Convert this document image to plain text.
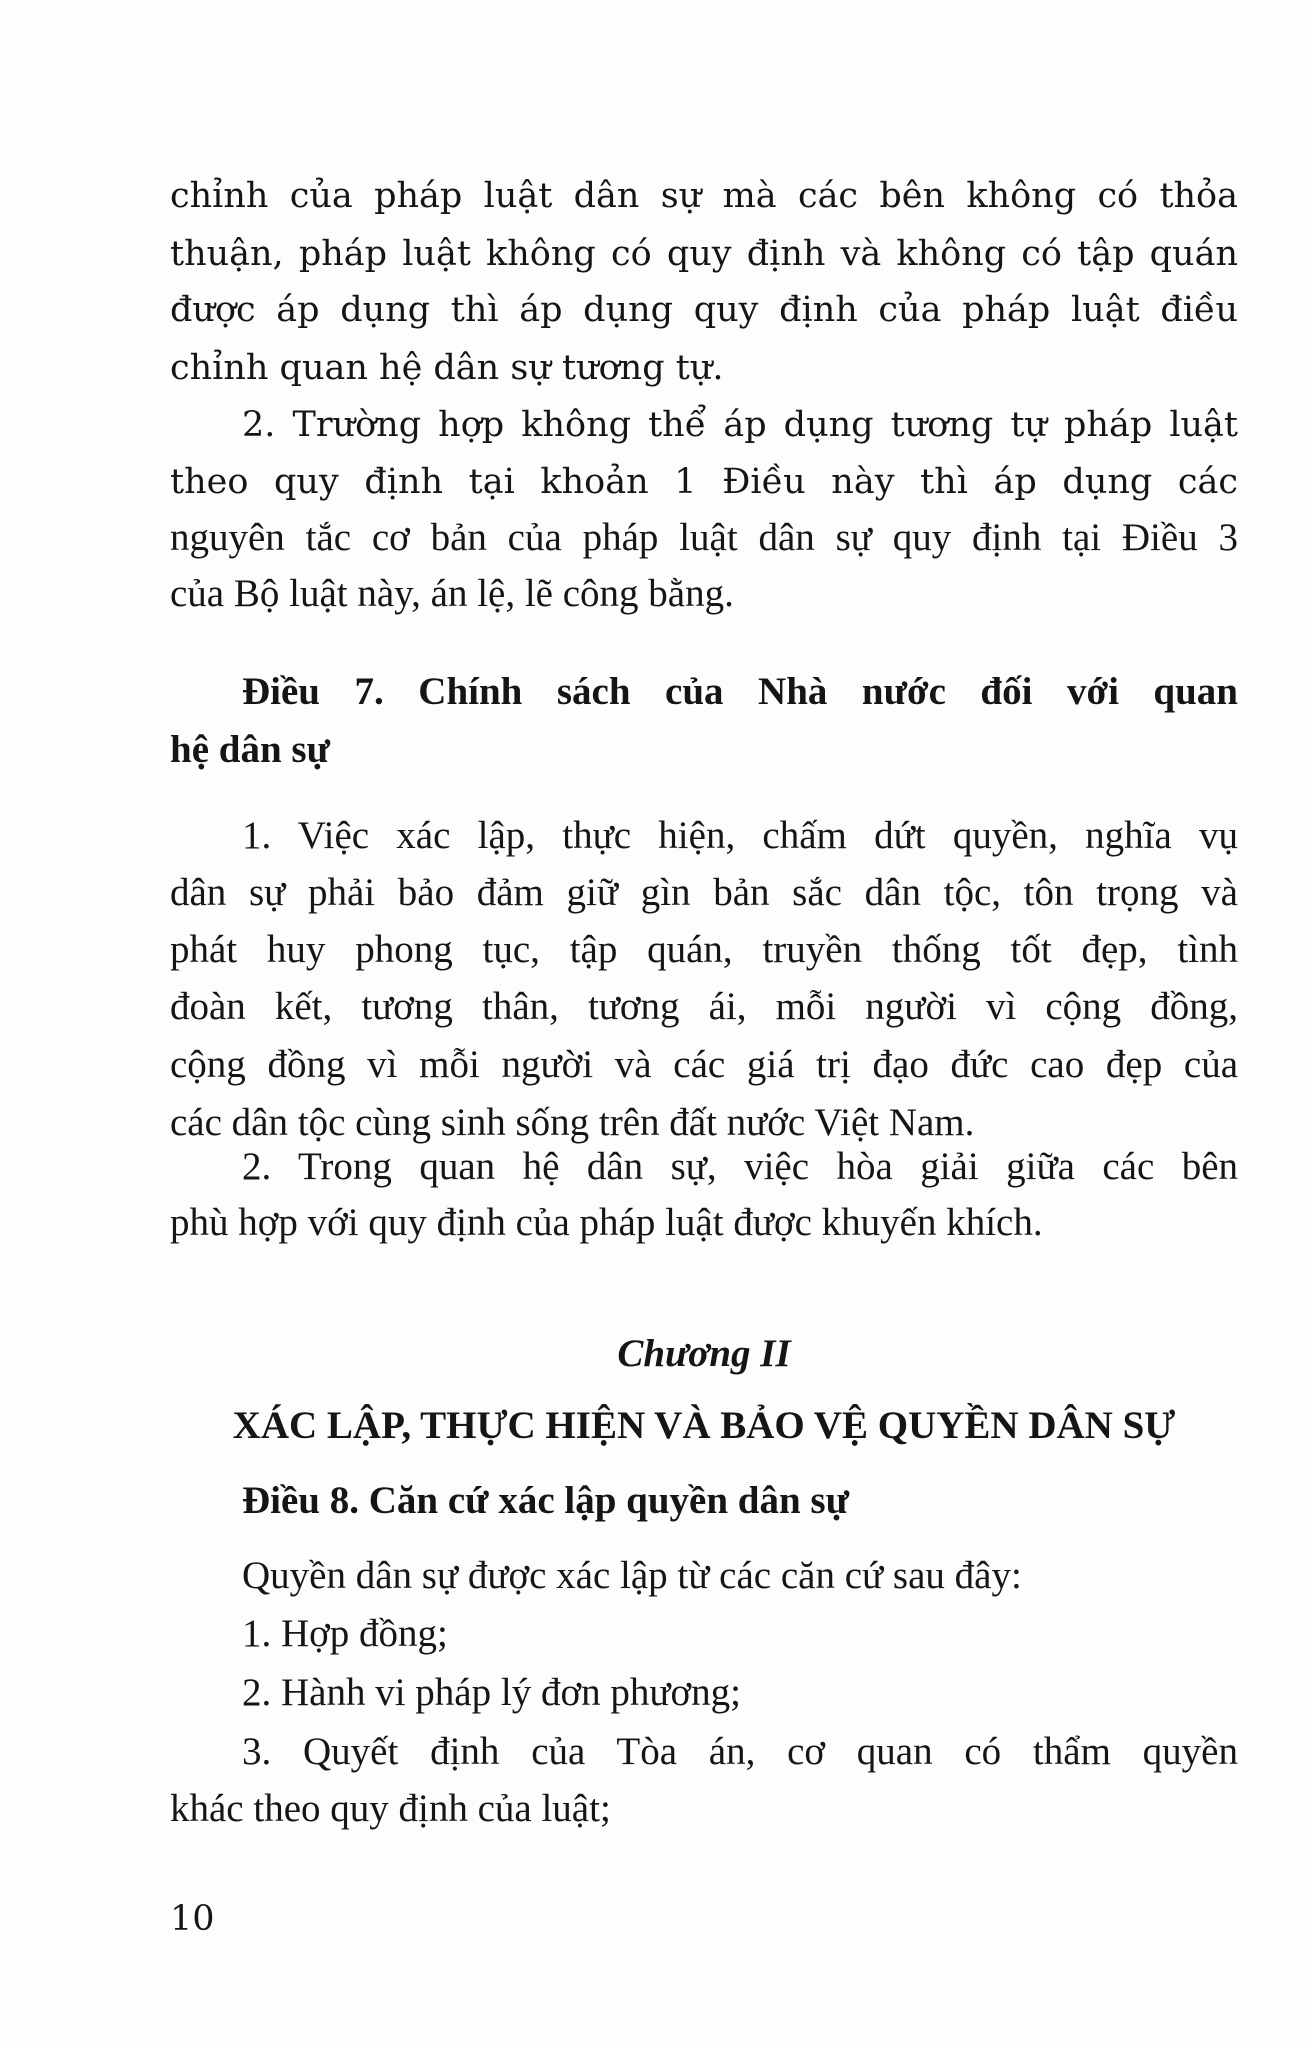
chỉnh của pháp luật dân sự mà các bên không có thỏa
thuận, pháp luật không có quy định và không có tập quán
được áp dụng thì áp dụng quy định của pháp luật điều
chỉnh quan hệ dân sự tương tự.
2. Trường hợp không thể áp dụng tương tự pháp luật
theo quy định tại khoản 1 Điều này thì áp dụng các
nguyên tắc cơ bản của pháp luật dân sự quy định tại Điều 3
của Bộ luật này, án lệ, lẽ công bằng.
Điều 7. Chính sách của Nhà nước đối với quan
hệ dân sự
1. Việc xác lập, thực hiện, chấm dứt quyền, nghĩa vụ
dân sự phải bảo đảm giữ gìn bản sắc dân tộc, tôn trọng và
phát huy phong tục, tập quán, truyền thống tốt đẹp, tình
đoàn kết, tương thân, tương ái, mỗi người vì cộng đồng,
cộng đồng vì mỗi người và các giá trị đạo đức cao đẹp của
các dân tộc cùng sinh sống trên đất nước Việt Nam.
2. Trong quan hệ dân sự, việc hòa giải giữa các bên
phù hợp với quy định của pháp luật được khuyến khích.
Chương II
XÁC LẬP, THỰC HIỆN VÀ BẢO VỆ QUYỀN DÂN SỰ
Điều 8. Căn cứ xác lập quyền dân sự
Quyền dân sự được xác lập từ các căn cứ sau đây:
1. Hợp đồng;
2. Hành vi pháp lý đơn phương;
3. Quyết định của Tòa án, cơ quan có thẩm quyền
khác theo quy định của luật;
10
